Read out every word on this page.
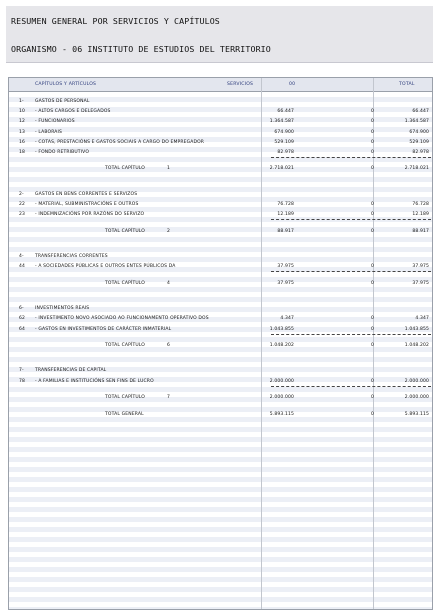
RESUMEN GENERAL POR SERVICIOS Y CAPÍTULOS
ORGANISMO - 06 INSTITUTO DE ESTUDIOS DEL TERRITORIO
CAPÍTULOS Y ARTÍCULOS	SERVICIOS	00	TOTAL
1- GASTOS DE PERSONAL
10 - ALTOS CARGOS E DELEGADOS	66.447	0	66.447
12 - FUNCIONARIOS	1.364.587	0	1.364.587
13 - LABORAIS	674.900	0	674.900
16 - COTAS, PRESTACIÓNS E GASTOS SOCIAIS A CARGO DO EMPREGADOR	529.109	0	529.109
18 - FONDO RETRIBUTIVO	82.978	0	82.978
TOTAL CAPÍTULO	1	2.718.021	0	2.718.021
2- GASTOS EN BENS CORRENTES E SERVIZOS
22 - MATERIAL, SUBMINISTRACIÓNS E OUTROS	76.728	0	76.728
23 - INDEMNIZACIÓNS POR RAZÓNS DO SERVIZO	12.189	0	12.189
TOTAL CAPÍTULO	2	88.917	0	88.917
4- TRANSFERENCIAS CORRENTES
44 - A SOCIEDADES PÚBLICAS E OUTROS ENTES PÚBLICOS DA	37.975	0	37.975
TOTAL CAPÍTULO	4	37.975	0	37.975
6- INVESTIMENTOS REAIS
62 - INVESTIMENTO NOVO ASOCIADO AO FUNCIONAMENTO OPERATIVO DOS	4.347	0	4.347
64 - GASTOS EN INVESTIMENTOS DE CARÁCTER INMATERIAL	1.043.855	0	1.043.855
TOTAL CAPÍTULO	6	1.048.202	0	1.048.202
7- TRANSFERENCIAS DE CAPITAL
78 - A FAMILIAS E INSTITUCIÓNS SEN FINS DE LUCRO	2.000.000	0	2.000.000
TOTAL CAPÍTULO	7	2.000.000	0	2.000.000
TOTAL GENERAL	5.893.115	0	5.893.115
